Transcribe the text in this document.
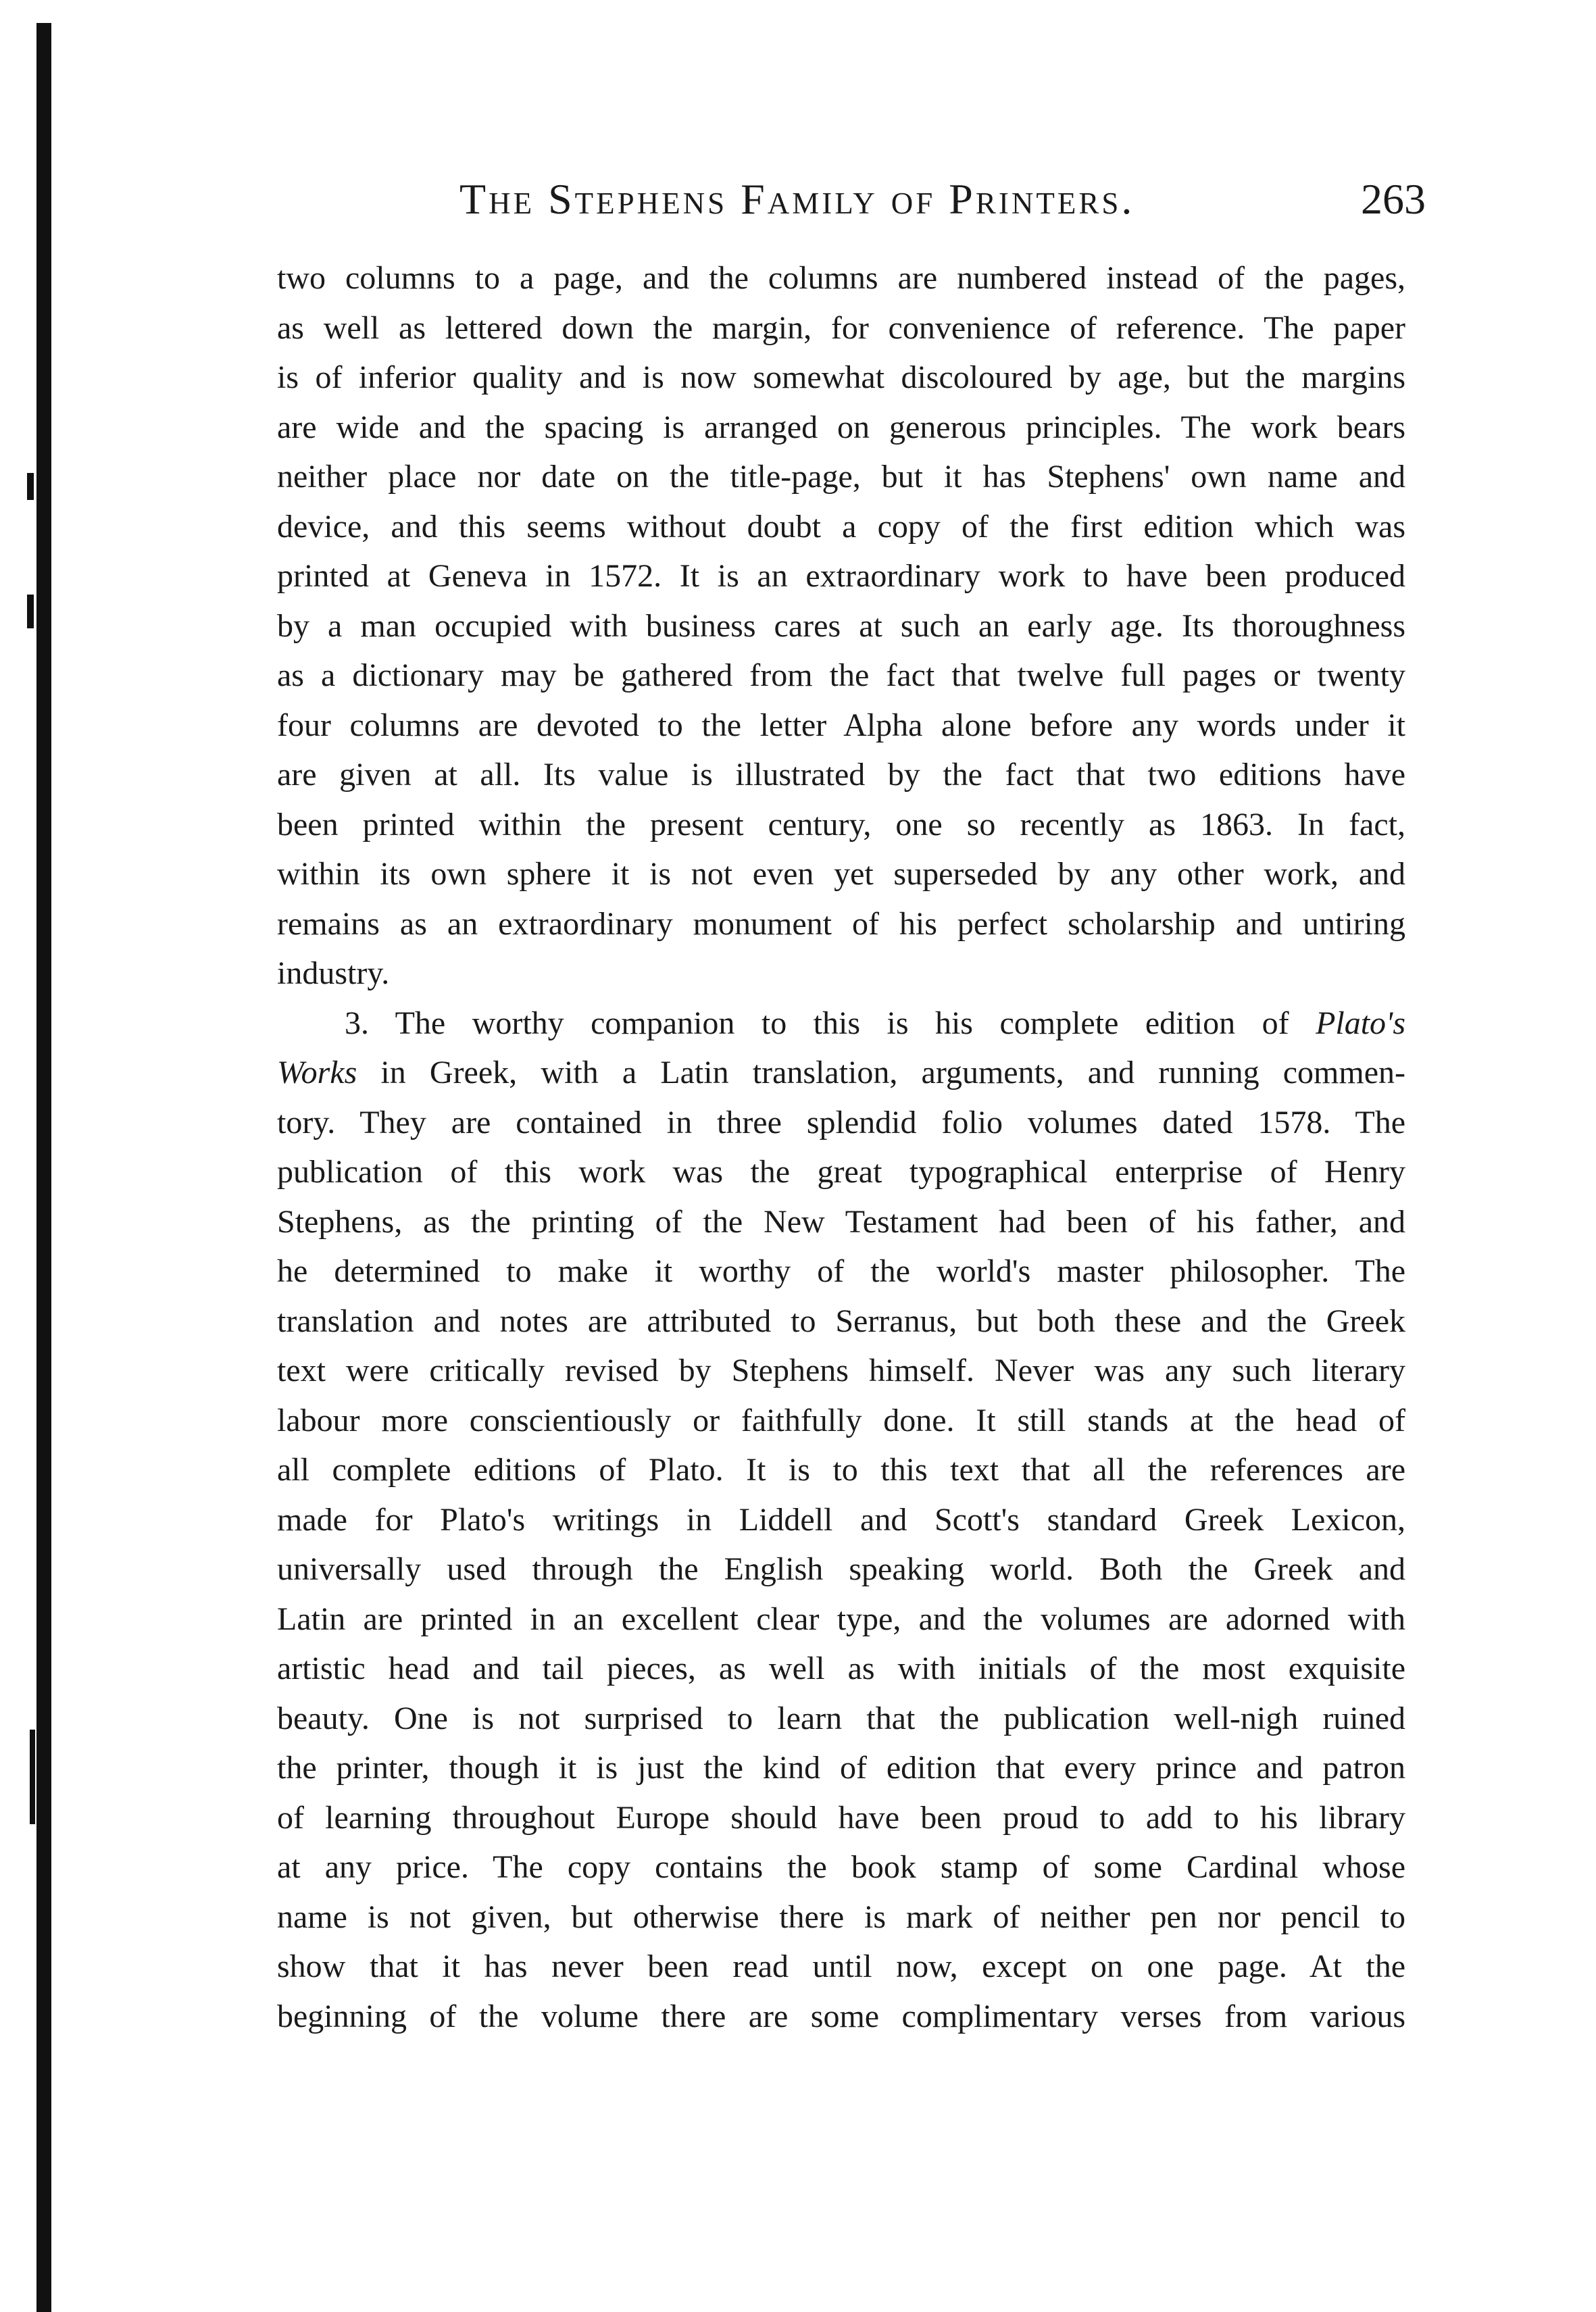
The Stephens Family of Printers.	263
two columns to a page, and the columns are numbered instead of the pages,
as well as lettered down the margin, for convenience of reference. The paper
is of inferior quality and is now somewhat discoloured by age, but the margins
are wide and the spacing is arranged on generous principles. The work bears
neither place nor date on the title-page, but it has Stephens' own name and
device, and this seems without doubt a copy of the first edition which was
printed at Geneva in 1572. It is an extraordinary work to have been produced
by a man occupied with business cares at such an early age. Its thoroughness
as a dictionary may be gathered from the fact that twelve full pages or twenty
four columns are devoted to the letter Alpha alone before any words under it
are given at all. Its value is illustrated by the fact that two editions have
been printed within the present century, one so recently as 1863. In fact,
within its own sphere it is not even yet superseded by any other work, and
remains as an extraordinary monument of his perfect scholarship and untiring
industry.
3. The worthy companion to this is his complete edition of Plato's
Works in Greek, with a Latin translation, arguments, and running commen-
tory. They are contained in three splendid folio volumes dated 1578. The
publication of this work was the great typographical enterprise of Henry
Stephens, as the printing of the New Testament had been of his father, and
he determined to make it worthy of the world's master philosopher. The
translation and notes are attributed to Serranus, but both these and the Greek
text were critically revised by Stephens himself. Never was any such literary
labour more conscientiously or faithfully done. It still stands at the head of
all complete editions of Plato. It is to this text that all the references are
made for Plato's writings in Liddell and Scott's standard Greek Lexicon,
universally used through the English speaking world. Both the Greek and
Latin are printed in an excellent clear type, and the volumes are adorned with
artistic head and tail pieces, as well as with initials of the most exquisite
beauty. One is not surprised to learn that the publication well-nigh ruined
the printer, though it is just the kind of edition that every prince and patron
of learning throughout Europe should have been proud to add to his library
at any price. The copy contains the book stamp of some Cardinal whose
name is not given, but otherwise there is mark of neither pen nor pencil to
show that it has never been read until now, except on one page. At the
beginning of the volume there are some complimentary verses from various
